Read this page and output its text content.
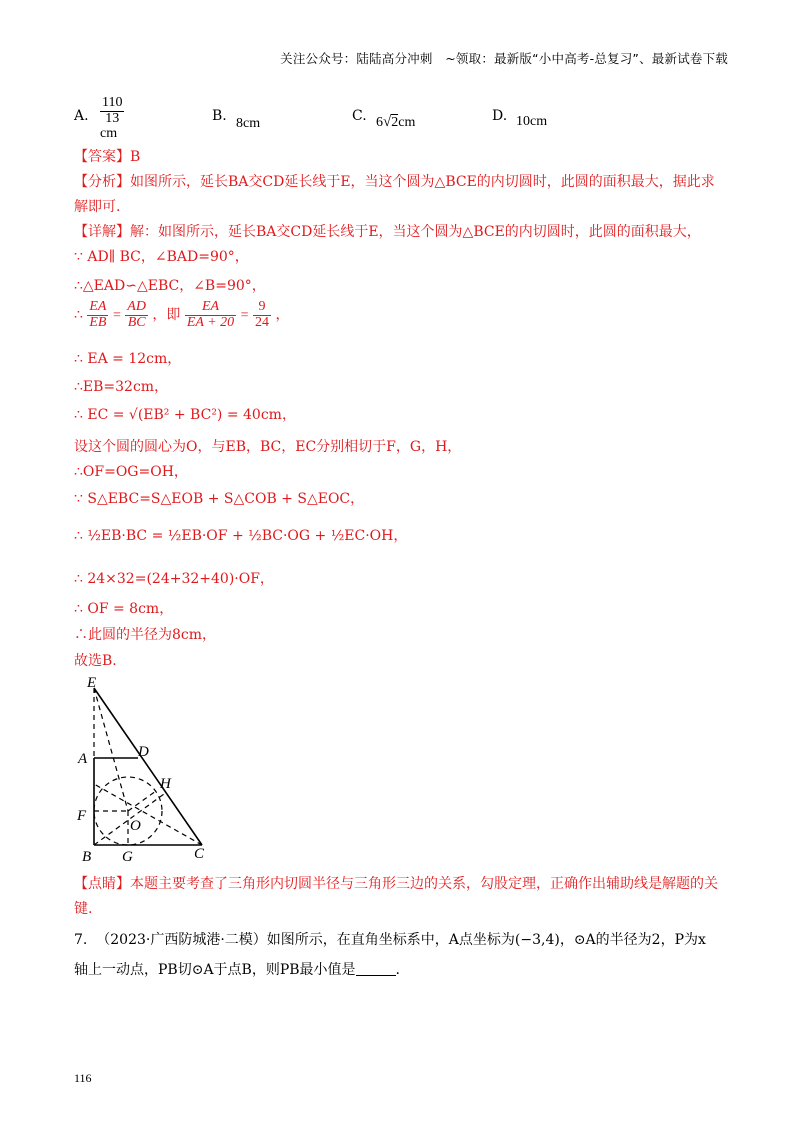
关注公众号：陆陆高分冲刺　~领取：最新版“小中高考-总复习”、最新试卷下载
A. $\frac{110}{13}$
cm
B. 8cm	C. 6√2cm	D. 10cm
【答案】B
【分析】如图所示，延长BA交CD延长线于E，当这个圆为△BCE的内切圆时，此圆的面积最大，据此求
解即可.
【详解】解：如图所示，延长BA交CD延长线于E，当这个圆为△BCE的内切圆时，此圆的面积最大，
∵ AD∥ BC，∠BAD=90°，
∴△EAD∽△EBC，∠B=90°，
∴ $\frac{EA}{EB} = \frac{AD}{BC}$ ，即 $\frac{EA}{EA + 20} = \frac{9}{24}$ ，
∴ EA = 12cm，
∴EB=32cm，
∴ EC = √(EB² + BC²) = 40cm，
设这个圆的圆心为O，与EB，BC，EC分别相切于F，G，H，
∴OF=OG=OH，
∵ S△EBC=S△EOB + S△COB + S△EOC，
∴ ½EB·BC = ½EB·OF + ½BC·OG + ½EC·OH，
∴ 24×32=(24+32+40)·OF，
∴ OF = 8cm，
∴此圆的半径为8cm，
故选B.
【点睛】本题主要考查了三角形内切圆半径与三角形三边的关系，勾股定理，正确作出辅助线是解题的关
键.
E
A	D
H
F
O
B G	C
7. （2023·广西防城港·二模）如图所示，在直角坐标系中，A点坐标为(−3,4)，⊙A的半径为2，P为x
轴上一动点，PB切⊙A于点B，则PB最小值是	.
116
